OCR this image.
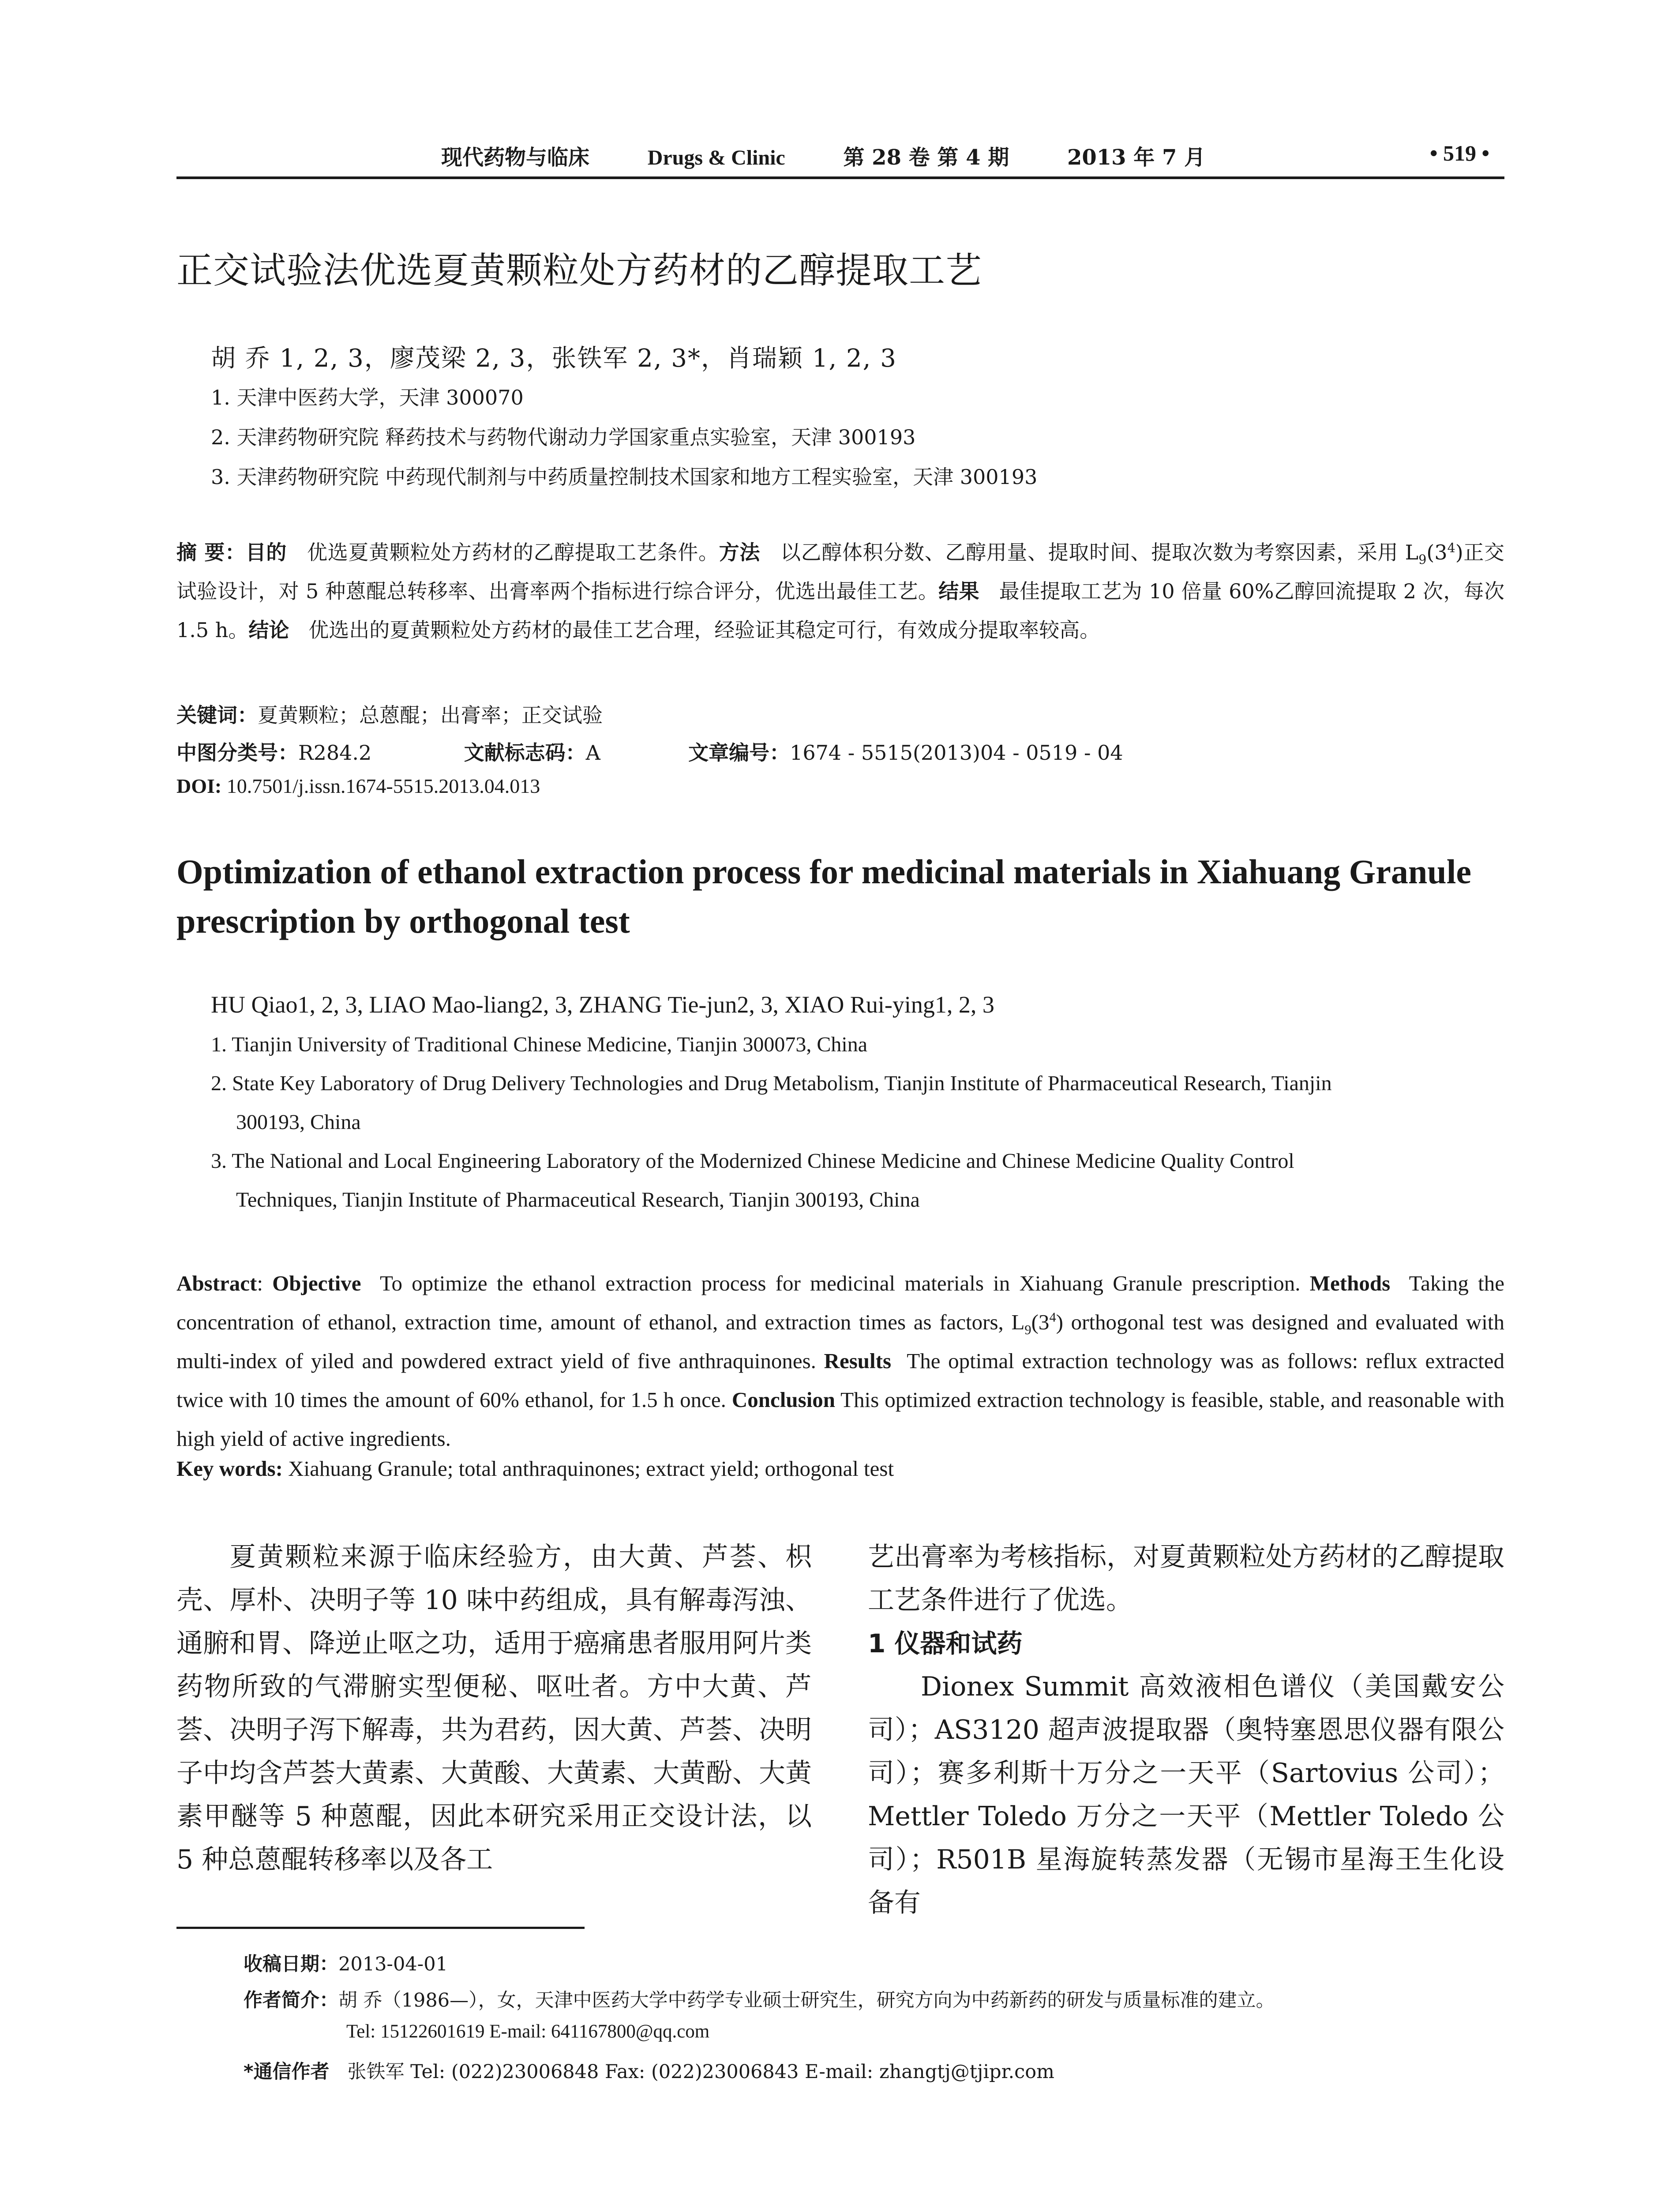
现代药物与临床	Drugs & Clinic	第 28 卷 第 4 期	2013 年 7 月	• 519 •
正交试验法优选夏黄颗粒处方药材的乙醇提取工艺
胡 乔 1, 2, 3，廖茂梁 2, 3，张铁军 2, 3*，肖瑞颖 1, 2, 3
1. 天津中医药大学，天津 300070
2. 天津药物研究院 释药技术与药物代谢动力学国家重点实验室，天津 300193
3. 天津药物研究院 中药现代制剂与中药质量控制技术国家和地方工程实验室，天津 300193
摘 要：目的 优选夏黄颗粒处方药材的乙醇提取工艺条件。方法 以乙醇体积分数、乙醇用量、提取时间、提取次数为考察因素，采用 $L_9(3^4)$正交试验设计，对 5 种蒽醌总转移率、出膏率两个指标进行综合评分，优选出最佳工艺。结果 最佳提取工艺为 10 倍量 60%乙醇回流提取 2 次，每次 1.5 h。结论 优选出的夏黄颗粒处方药材的最佳工艺合理，经验证其稳定可行，有效成分提取率较高。
关键词：夏黄颗粒；总蒽醌；出膏率；正交试验
中图分类号：R284.2	文献标志码：A	文章编号：1674 - 5515(2013)04 - 0519 - 04
DOI: 10.7501/j.issn.1674-5515.2013.04.013
Optimization of ethanol extraction process for medicinal materials in Xiahuang Granule prescription by orthogonal test
HU Qiao1, 2, 3, LIAO Mao-liang2, 3, ZHANG Tie-jun2, 3, XIAO Rui-ying1, 2, 3
1. Tianjin University of Traditional Chinese Medicine, Tianjin 300073, China
2. State Key Laboratory of Drug Delivery Technologies and Drug Metabolism, Tianjin Institute of Pharmaceutical Research, Tianjin
300193, China
3. The National and Local Engineering Laboratory of the Modernized Chinese Medicine and Chinese Medicine Quality Control
Techniques, Tianjin Institute of Pharmaceutical Research, Tianjin 300193, China
Abstract: Objective To optimize the ethanol extraction process for medicinal materials in Xiahuang Granule prescription. Methods Taking the concentration of ethanol, extraction time, amount of ethanol, and extraction times as factors, $L_9(3^4)$ orthogonal test was designed and evaluated with multi-index of yiled and powdered extract yield of five anthraquinones. Results The optimal extraction technology was as follows: reflux extracted twice with 10 times the amount of 60% ethanol, for 1.5 h once. Conclusion This optimized extraction technology is feasible, stable, and reasonable with high yield of active ingredients.
Key words: Xiahuang Granule; total anthraquinones; extract yield; orthogonal test
夏黄颗粒来源于临床经验方，由大黄、芦荟、枳壳、厚朴、决明子等 10 味中药组成，具有解毒泻浊、通腑和胃、降逆止呕之功，适用于癌痛患者服用阿片类药物所致的气滞腑实型便秘、呕吐者。方中大黄、芦荟、决明子泻下解毒，共为君药，因大黄、芦荟、决明子中均含芦荟大黄素、大黄酸、大黄素、大黄酚、大黄素甲醚等 5 种蒽醌，因此本研究采用正交设计法，以 5 种总蒽醌转移率以及各工
艺出膏率为考核指标，对夏黄颗粒处方药材的乙醇提取工艺条件进行了优选。
1 仪器和试药
Dionex Summit 高效液相色谱仪（美国戴安公司）；AS3120 超声波提取器（奥特塞恩思仪器有限公司）；赛多利斯十万分之一天平（Sartovius 公司）；Mettler Toledo 万分之一天平（Mettler Toledo 公司）；R501B 星海旋转蒸发器（无锡市星海王生化设备有
收稿日期：2013-04-01
作者简介：胡 乔（1986—），女，天津中医药大学中药学专业硕士研究生，研究方向为中药新药的研发与质量标准的建立。
Tel: 15122601619 E-mail: 641167800@qq.com
*通信作者 张铁军 Tel: (022)23006848 Fax: (022)23006843 E-mail: zhangtj@tjipr.com
